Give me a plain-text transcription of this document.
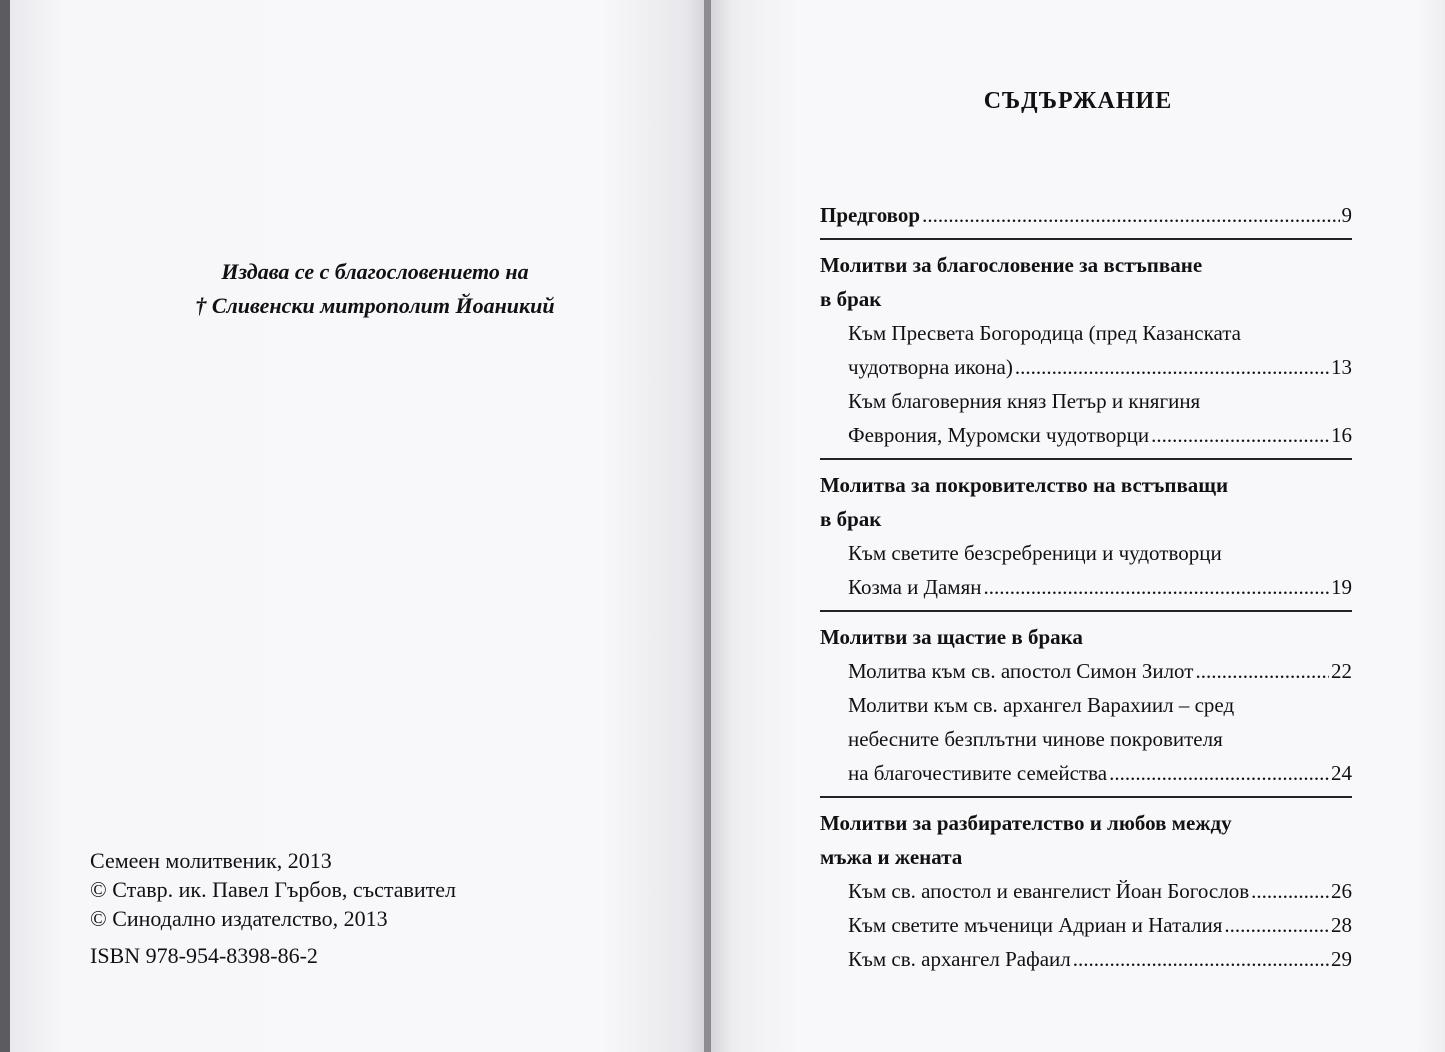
Издава се с благословението на

† Сливенски митрополит Йоаникий

Семеен молитвеник, 2013

© Ставр. ик. Павел Гърбов, съставител

© Синодално издателство, 2013

ISBN 978-954-8398-86-2

СЪДЪРЖАНИЕ
Предговор .....	9
Молитви за благословение за встъпване
в брак
Към Пресвета Богородица (пред Казанската
чудотворна икона) .....	13
Към благоверния княз Петър и княгиня
Феврония, Муромски чудотворци .....	16
Молитва за покровителство на встъпващи
в брак
Към светите безсребреници и чудотворци
Козма и Дамян .....	19
Молитви за щастие в брака
Молитва към св. апостол Симон Зилот .....	22
Молитви към св. архангел Варахиил – сред
небесните безплътни чинове покровителя
на благочестивите семейства .....	24
Молитви за разбирателство и любов между
мъжа и жената
Към св. апостол и евангелист Йоан Богослов .....	26
Към светите мъченици Адриан и Наталия .....	28
Към св. архангел Рафаил .....	29
